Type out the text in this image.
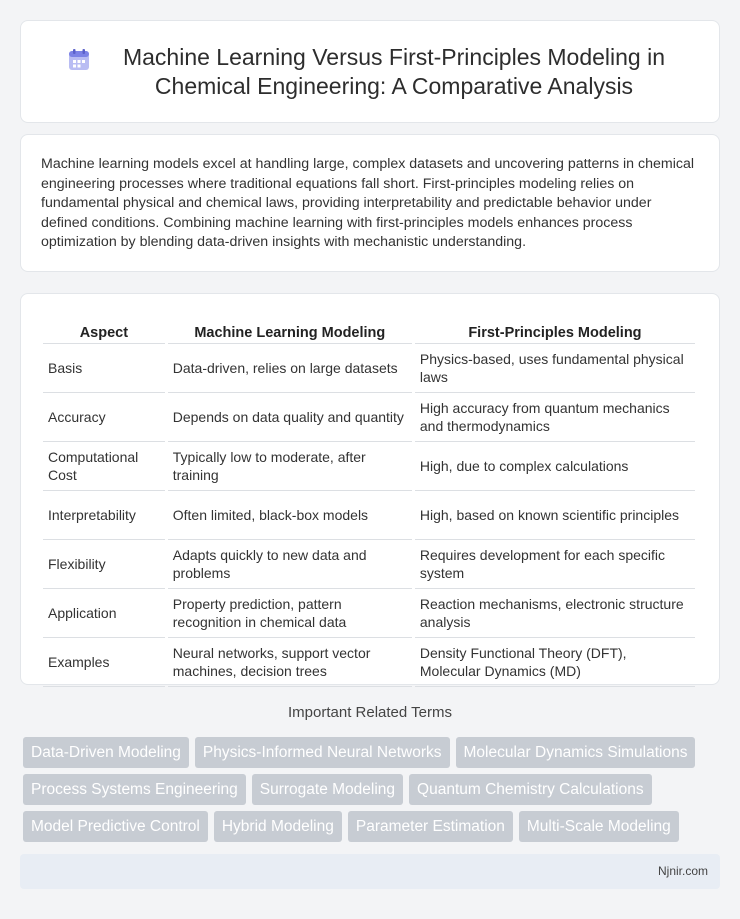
Machine Learning Versus First-Principles Modeling in Chemical Engineering: A Comparative Analysis

Machine learning models excel at handling large, complex datasets and uncovering patterns in chemical engineering processes where traditional equations fall short. First-principles modeling relies on fundamental physical and chemical laws, providing interpretability and predictable behavior under defined conditions. Combining machine learning with first-principles models enhances process optimization by blending data-driven insights with mechanistic understanding.

Aspect	Machine Learning Modeling	First-Principles Modeling
Basis	Data-driven, relies on large datasets	Physics-based, uses fundamental physical laws
Accuracy	Depends on data quality and quantity	High accuracy from quantum mechanics and thermodynamics
Computational Cost	Typically low to moderate, after training	High, due to complex calculations
Interpretability	Often limited, black-box models	High, based on known scientific principles
Flexibility	Adapts quickly to new data and problems	Requires development for each specific system
Application	Property prediction, pattern recognition in chemical data	Reaction mechanisms, electronic structure analysis
Examples	Neural networks, support vector machines, decision trees	Density Functional Theory (DFT), Molecular Dynamics (MD)
Important Related Terms
Data-Driven Modeling	Physics-Informed Neural Networks	Molecular Dynamics Simulations
Process Systems Engineering	Surrogate Modeling	Quantum Chemistry Calculations
Model Predictive Control	Hybrid Modeling	Parameter Estimation	Multi-Scale Modeling
Njnir.com
